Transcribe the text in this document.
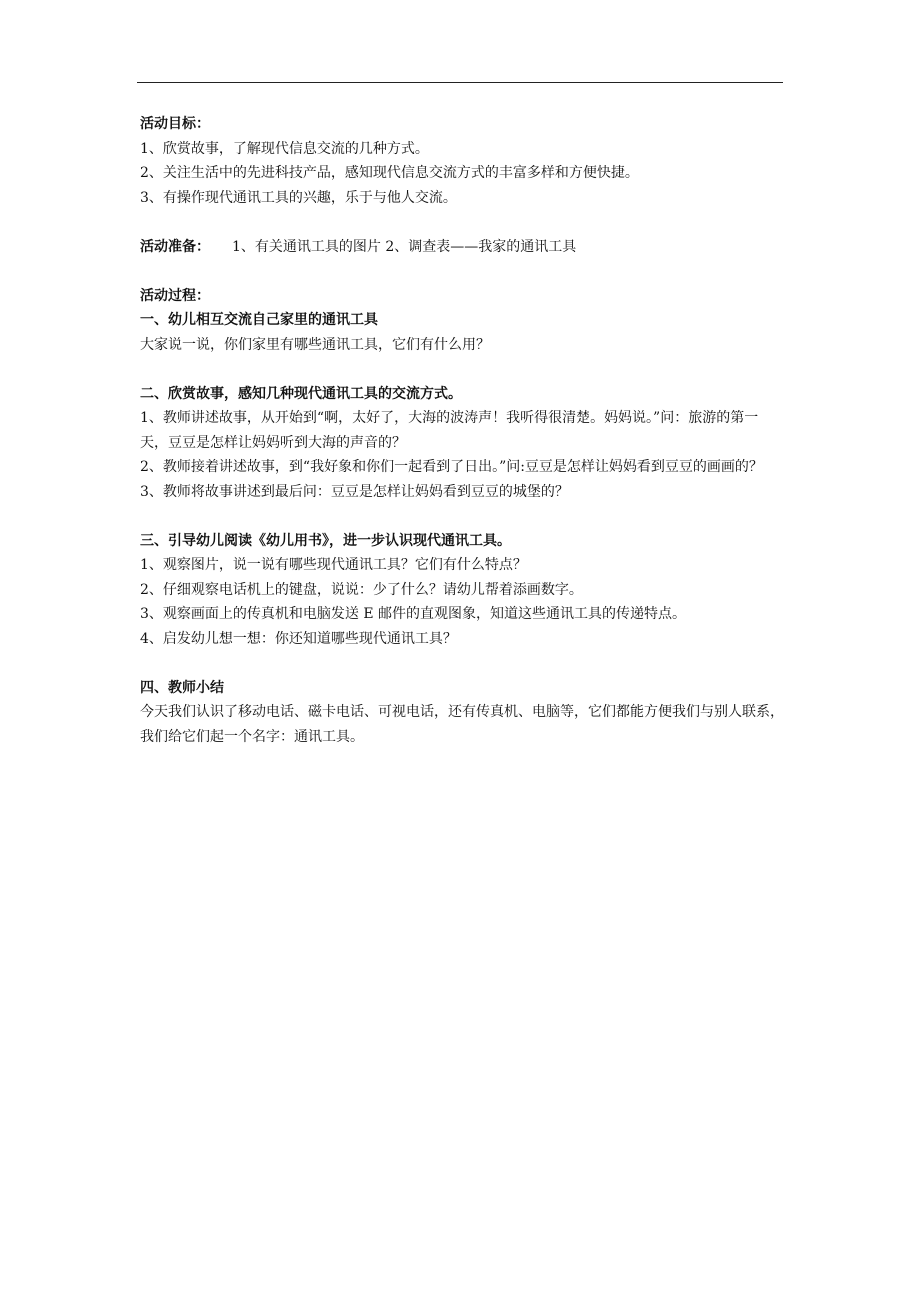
活动目标：

1、欣赏故事，了解现代信息交流的几种方式。

2、关注生活中的先进科技产品，感知现代信息交流方式的丰富多样和方便快捷。

3、有操作现代通讯工具的兴趣，乐于与他人交流。

活动准备： 1、有关通讯工具的图片 2、调查表——我家的通讯工具

活动过程：

一、幼儿相互交流自己家里的通讯工具

大家说一说，你们家里有哪些通讯工具，它们有什么用？

二、欣赏故事，感知几种现代通讯工具的交流方式。

1、教师讲述故事，从开始到“啊，太好了，大海的波涛声！我听得很清楚。妈妈说。”问：旅游的第一天，豆豆是怎样让妈妈听到大海的声音的？

2、教师接着讲述故事，到“我好象和你们一起看到了日出。”问:豆豆是怎样让妈妈看到豆豆的画画的？

3、教师将故事讲述到最后问：豆豆是怎样让妈妈看到豆豆的城堡的？

三、引导幼儿阅读《幼儿用书》，进一步认识现代通讯工具。

1、观察图片，说一说有哪些现代通讯工具？它们有什么特点？

2、仔细观察电话机上的键盘，说说：少了什么？请幼儿帮着添画数字。

3、观察画面上的传真机和电脑发送 E 邮件的直观图象，知道这些通讯工具的传递特点。

4、启发幼儿想一想：你还知道哪些现代通讯工具？

四、教师小结

今天我们认识了移动电话、磁卡电话、可视电话，还有传真机、电脑等，它们都能方便我们与别人联系，我们给它们起一个名字：通讯工具。
